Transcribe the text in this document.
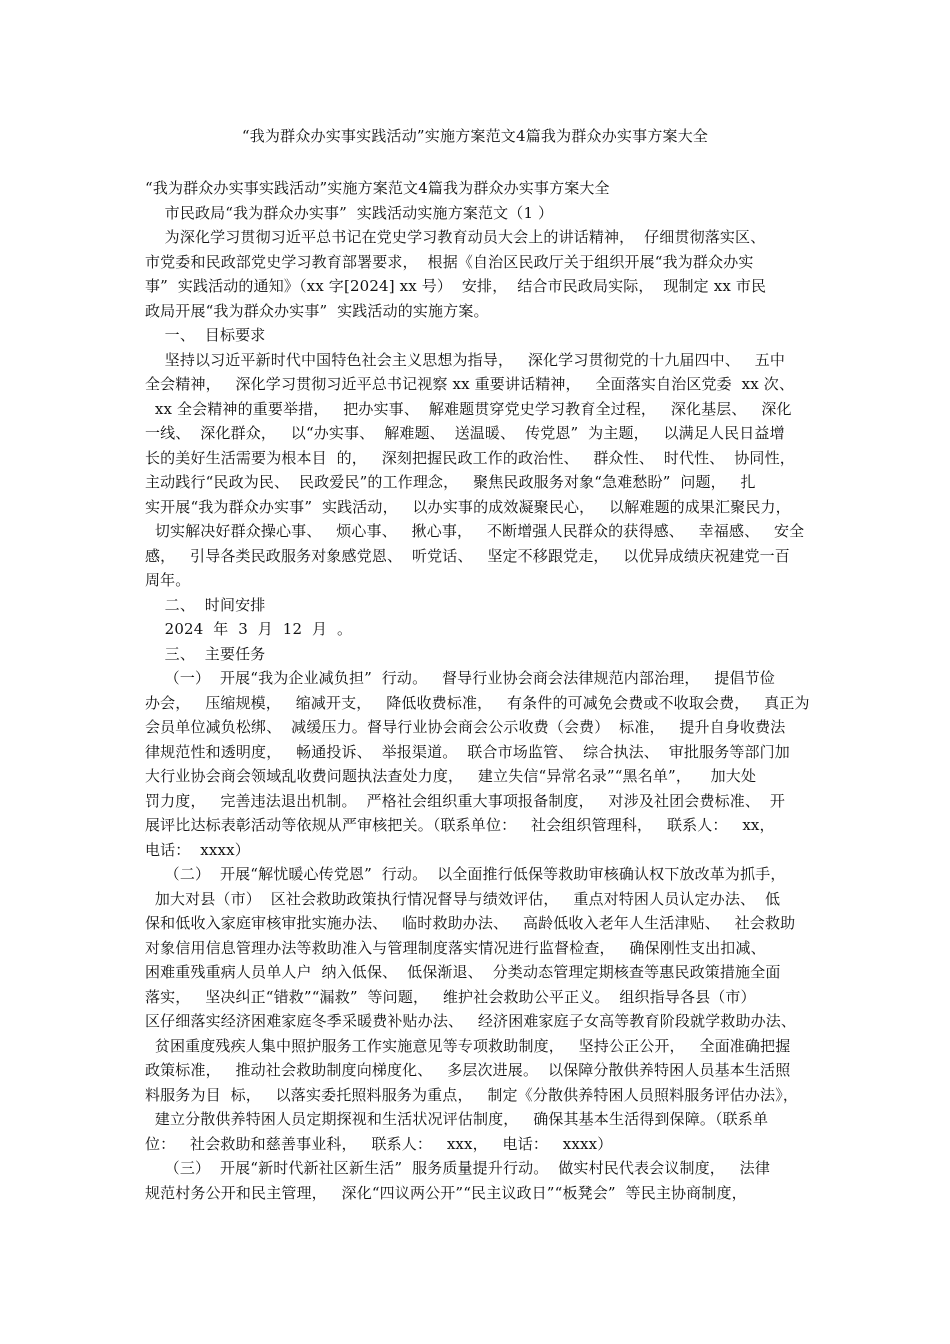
“我为群众办实事实践活动”实施方案范文4篇我为群众办实事方案大全
“我为群众办实事实践活动”实施方案范文4篇我为群众办实事方案大全
市民政局“我为群众办实事”  实践活动实施方案范文（1 ）
为深化学习贯彻习近平总书记在党史学习教育动员大会上的讲话精神，  仔细贯彻落实区、
市党委和民政部党史学习教育部署要求，  根据《自治区民政厅关于组织开展“我为群众办实
事”  实践活动的通知》（xx 字[2024] xx 号）  安排，  结合市民政局实际，  现制定 xx 市民
政局开展“我为群众办实事”  实践活动的实施方案。
一、  目标要求
坚持以习近平新时代中国特色社会主义思想为指导，   深化学习贯彻党的十九届四中、   五中
全会精神，   深化学习贯彻习近平总书记视察 xx 重要讲话精神，   全面落实自治区党委  xx 次、
xx 全会精神的重要举措，   把办实事、  解难题贯穿党史学习教育全过程，   深化基层、   深化
一线、  深化群众，   以“办实事、  解难题、  送温暖、  传党恩”  为主题，   以满足人民日益增
长的美好生活需要为根本目  的，   深刻把握民政工作的政治性、   群众性、  时代性、  协同性，
主动践行“民政为民、  民政爱民”的工作理念，   聚焦民政服务对象“急难愁盼”  问题，   扎
实开展“我为群众办实事”  实践活动，   以办实事的成效凝聚民心，   以解难题的成果汇聚民力，
切实解决好群众操心事、   烦心事、   揪心事，   不断增强人民群众的获得感、   幸福感、   安全
感，   引导各类民政服务对象感党恩、  听党话、   坚定不移跟党走，   以优异成绩庆祝建党一百
周年。
二、  时间安排
2024  年  3  月  12  月  。
三、  主要任务
（一）  开展“我为企业减负担”  行动。   督导行业协会商会法律规范内部治理，   提倡节俭
办会，   压缩规模，   缩减开支，   降低收费标准，   有条件的可减免会费或不收取会费，   真正为
会员单位减负松绑、  减缓压力。督导行业协会商会公示收费（会费）  标准，   提升自身收费法
律规范性和透明度，   畅通投诉、  举报渠道。  联合市场监管、  综合执法、  审批服务等部门加
大行业协会商会领域乱收费问题执法查处力度，   建立失信“异常名录”“黑名单”，    加大处
罚力度，   完善违法退出机制。  严格社会组织重大事项报备制度，   对涉及社团会费标准、  开
展评比达标表彰活动等依规从严审核把关。（联系单位：   社会组织管理科，   联系人：   xx，
电话：  xxxx）
（二）  开展“解忧暖心传党恩”  行动。  以全面推行低保等救助审核确认权下放改革为抓手，
加大对县（市）  区社会救助政策执行情况督导与绩效评估，   重点对特困人员认定办法、  低
保和低收入家庭审核审批实施办法、   临时救助办法、   高龄低收入老年人生活津贴、   社会救助
对象信用信息管理办法等救助准入与管理制度落实情况进行监督检查，   确保刚性支出扣减、
困难重残重病人员单人户  纳入低保、  低保渐退、  分类动态管理定期核查等惠民政策措施全面
落实，   坚决纠正“错救”“漏救”  等问题，   维护社会救助公平正义。  组织指导各县（市）
区仔细落实经济困难家庭冬季采暖费补贴办法、   经济困难家庭子女高等教育阶段就学救助办法、
贫困重度残疾人集中照护服务工作实施意见等专项救助制度，   坚持公正公开，   全面准确把握
政策标准，   推动社会救助制度向梯度化、   多层次进展。  以保障分散供养特困人员基本生活照
料服务为目  标，   以落实委托照料服务为重点，   制定《分散供养特困人员照料服务评估办法》，
建立分散供养特困人员定期探视和生活状况评估制度，   确保其基本生活得到保障。（联系单
位：   社会救助和慈善事业科，   联系人：   xxx，   电话：   xxxx）
（三）  开展“新时代新社区新生活”  服务质量提升行动。  做实村民代表会议制度，   法律
规范村务公开和民主管理，   深化“四议两公开”“民主议政日”“板凳会”  等民主协商制度，
